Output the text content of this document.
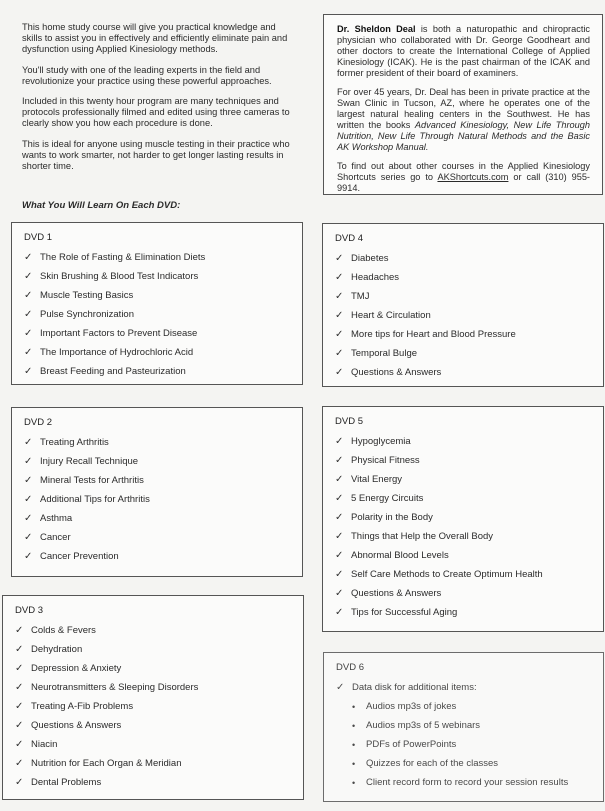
This home study course will give you practical knowledge and skills to assist you in effectively and efficiently eliminate pain and dysfunction using Applied Kinesiology methods.

You'll study with one of the leading experts in the field and revolutionize your practice using these powerful approaches.

Included in this twenty hour program are many techniques and protocols professionally filmed and edited using three cameras to clearly show you how each procedure is done.

This is ideal for anyone using muscle testing in their practice who wants to work smarter, not harder to get longer lasting results in shorter time.

What You Will Learn On Each DVD:

Dr. Sheldon Deal is both a naturopathic and chiropractic physician who collaborated with Dr. George Goodheart and other doctors to create the International College of Applied Kinesiology (ICAK). He is the past chairman of the ICAK and former president of their board of examiners.

For over 45 years, Dr. Deal has been in private practice at the Swan Clinic in Tucson, AZ, where he operates one of the largest natural healing centers in the Southwest. He has written the books Advanced Kinesiology, New Life Through Nutrition, New Life Through Natural Methods and the Basic AK Workshop Manual.

To find out about other courses in the Applied Kinesiology Shortcuts series go to AKShortcuts.com or call (310) 955-9914.

DVD 1
✓ The Role of Fasting & Elimination Diets
✓ Skin Brushing & Blood Test Indicators
✓ Muscle Testing Basics
✓ Pulse Synchronization
✓ Important Factors to Prevent Disease
✓ The Importance of Hydrochloric Acid
✓ Breast Feeding and Pasteurization
DVD 2
✓ Treating Arthritis
✓ Injury Recall Technique
✓ Mineral Tests for Arthritis
✓ Additional Tips for Arthritis
✓ Asthma
✓ Cancer
✓ Cancer Prevention
DVD 3
✓ Colds & Fevers
✓ Dehydration
✓ Depression & Anxiety
✓ Neurotransmitters & Sleeping Disorders
✓ Treating A-Fib Problems
✓ Questions & Answers
✓ Niacin
✓ Nutrition for Each Organ & Meridian
✓ Dental Problems
DVD 4
✓ Diabetes
✓ Headaches
✓ TMJ
✓ Heart & Circulation
✓ More tips for Heart and Blood Pressure
✓ Temporal Bulge
✓ Questions & Answers
DVD 5
✓ Hypoglycemia
✓ Physical Fitness
✓ Vital Energy
✓ 5 Energy Circuits
✓ Polarity in the Body
✓ Things that Help the Overall Body
✓ Abnormal Blood Levels
✓ Self Care Methods to Create Optimum Health
✓ Questions & Answers
✓ Tips for Successful Aging
DVD 6
✓ Data disk for additional items:
•	Audios mp3s of jokes
•	Audios mp3s of 5 webinars
•	PDFs of PowerPoints
•	Quizzes for each of the classes
•	Client record form to record your session results
